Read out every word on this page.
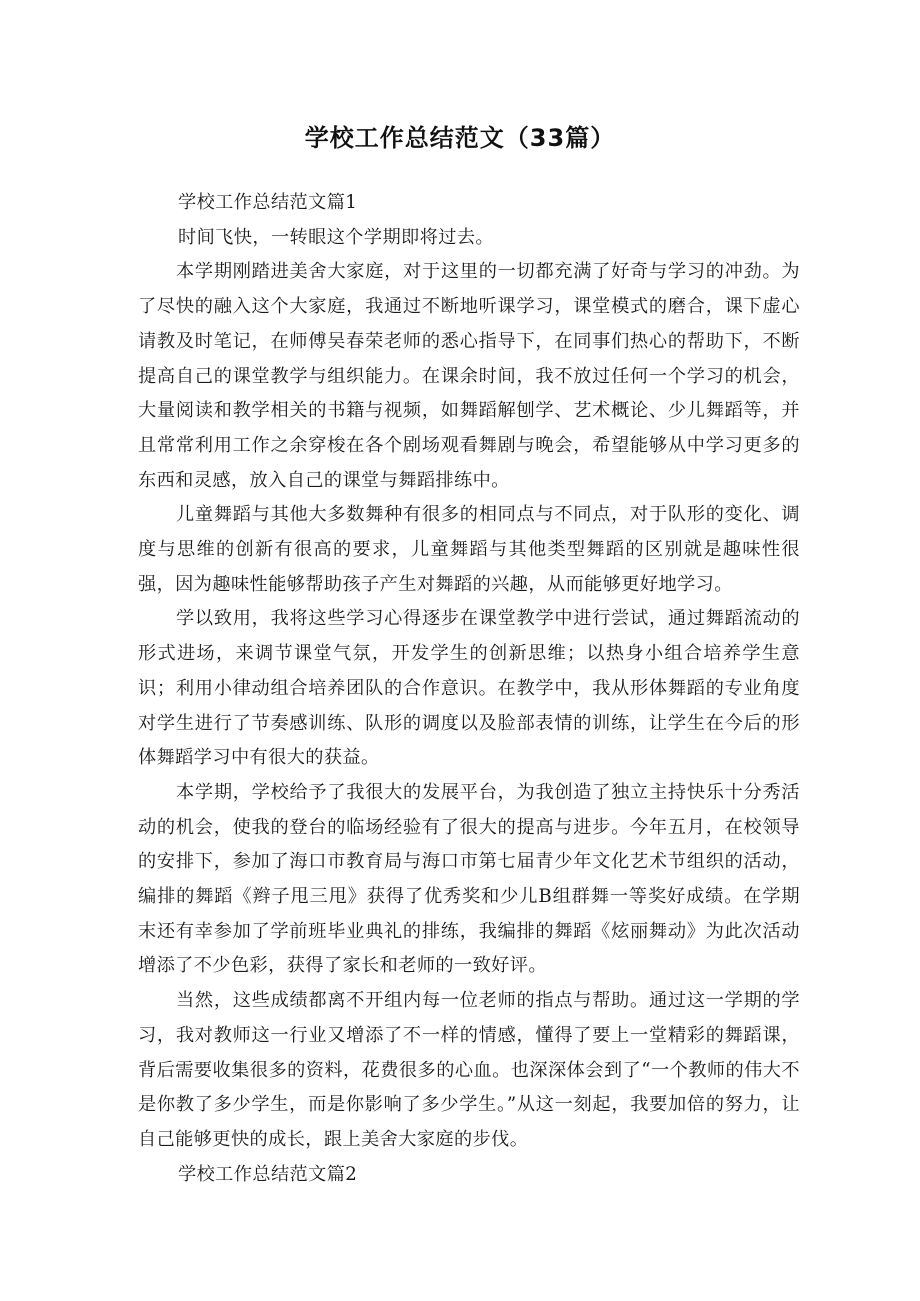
学校工作总结范文（33篇）

学校工作总结范文篇1

时间飞快，一转眼这个学期即将过去。

本学期刚踏进美舍大家庭，对于这里的一切都充满了好奇与学习的冲劲。为了尽快的融入这个大家庭，我通过不断地听课学习，课堂模式的磨合，课下虚心请教及时笔记，在师傅吴春荣老师的悉心指导下，在同事们热心的帮助下，不断提高自己的课堂教学与组织能力。在课余时间，我不放过任何一个学习的机会，大量阅读和教学相关的书籍与视频，如舞蹈解刨学、艺术概论、少儿舞蹈等，并且常常利用工作之余穿梭在各个剧场观看舞剧与晚会，希望能够从中学习更多的东西和灵感，放入自己的课堂与舞蹈排练中。

儿童舞蹈与其他大多数舞种有很多的相同点与不同点，对于队形的变化、调度与思维的创新有很高的要求，儿童舞蹈与其他类型舞蹈的区别就是趣味性很强，因为趣味性能够帮助孩子产生对舞蹈的兴趣，从而能够更好地学习。

学以致用，我将这些学习心得逐步在课堂教学中进行尝试，通过舞蹈流动的形式进场，来调节课堂气氛，开发学生的创新思维；以热身小组合培养学生意识；利用小律动组合培养团队的合作意识。在教学中，我从形体舞蹈的专业角度对学生进行了节奏感训练、队形的调度以及脸部表情的训练，让学生在今后的形体舞蹈学习中有很大的获益。

本学期，学校给予了我很大的发展平台，为我创造了独立主持快乐十分秀活动的机会，使我的登台的临场经验有了很大的提高与进步。今年五月，在校领导的安排下，参加了海口市教育局与海口市第七届青少年文化艺术节组织的活动，编排的舞蹈《辫子甩三甩》获得了优秀奖和少儿B组群舞一等奖好成绩。在学期末还有幸参加了学前班毕业典礼的排练，我编排的舞蹈《炫丽舞动》为此次活动增添了不少色彩，获得了家长和老师的一致好评。

当然，这些成绩都离不开组内每一位老师的指点与帮助。通过这一学期的学习，我对教师这一行业又增添了不一样的情感，懂得了要上一堂精彩的舞蹈课，背后需要收集很多的资料，花费很多的心血。也深深体会到了“一个教师的伟大不是你教了多少学生，而是你影响了多少学生。”从这一刻起，我要加倍的努力，让自己能够更快的成长，跟上美舍大家庭的步伐。

学校工作总结范文篇2
